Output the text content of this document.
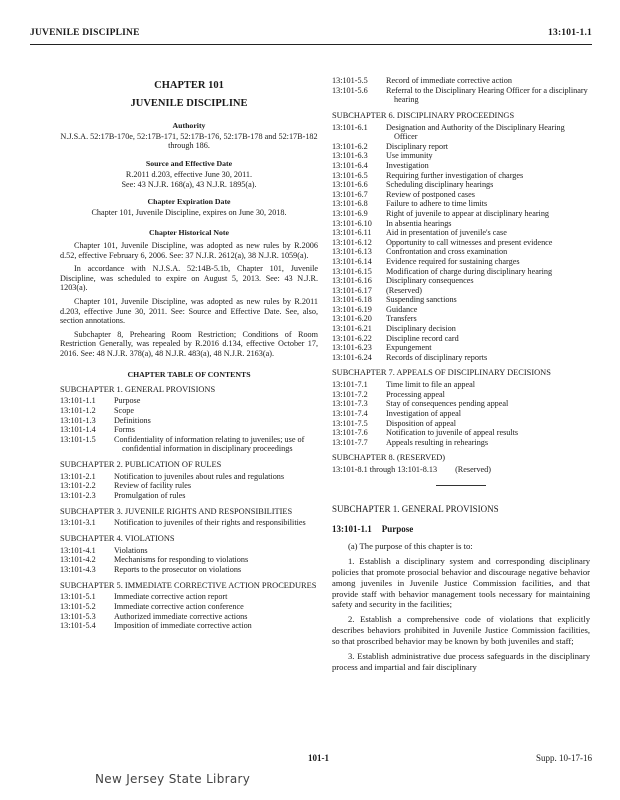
JUVENILE DISCIPLINE	13:101-1.1
CHAPTER 101
JUVENILE DISCIPLINE
Authority
N.J.S.A. 52:17B-170e, 52:17B-171, 52:17B-176, 52:17B-178 and 52:17B-182 through 186.
Source and Effective Date
R.2011 d.203, effective June 30, 2011.
See: 43 N.J.R. 168(a), 43 N.J.R. 1895(a).
Chapter Expiration Date
Chapter 101, Juvenile Discipline, expires on June 30, 2018.
Chapter Historical Note
Chapter 101, Juvenile Discipline, was adopted as new rules by R.2006 d.52, effective February 6, 2006. See: 37 N.J.R. 2612(a), 38 N.J.R. 1059(a).
In accordance with N.J.S.A. 52:14B-5.1b, Chapter 101, Juvenile Discipline, was scheduled to expire on August 5, 2013. See: 43 N.J.R. 1203(a).
Chapter 101, Juvenile Discipline, was adopted as new rules by R.2011 d.203, effective June 30, 2011. See: Source and Effective Date. See, also, section annotations.
Subchapter 8, Prehearing Room Restriction; Conditions of Room Restriction Generally, was repealed by R.2016 d.134, effective October 17, 2016. See: 48 N.J.R. 378(a), 48 N.J.R. 483(a), 48 N.J.R. 2163(a).
CHAPTER TABLE OF CONTENTS
SUBCHAPTER 1. GENERAL PROVISIONS
13:101-1.1	Purpose
13:101-1.2	Scope
13:101-1.3	Definitions
13:101-1.4	Forms
13:101-1.5	Confidentiality of information relating to juveniles; use of confidential information in disciplinary proceedings
SUBCHAPTER 2. PUBLICATION OF RULES
13:101-2.1	Notification to juveniles about rules and regulations
13:101-2.2	Review of facility rules
13:101-2.3	Promulgation of rules
SUBCHAPTER 3. JUVENILE RIGHTS AND RESPONSIBILITIES
13:101-3.1	Notification to juveniles of their rights and responsibilities
SUBCHAPTER 4. VIOLATIONS
13:101-4.1	Violations
13:101-4.2	Mechanisms for responding to violations
13:101-4.3	Reports to the prosecutor on violations
SUBCHAPTER 5. IMMEDIATE CORRECTIVE ACTION PROCEDURES
13:101-5.1	Immediate corrective action report
13:101-5.2	Immediate corrective action conference
13:101-5.3	Authorized immediate corrective actions
13:101-5.4	Imposition of immediate corrective action
13:101-5.5	Record of immediate corrective action
13:101-5.6	Referral to the Disciplinary Hearing Officer for a disciplinary hearing
SUBCHAPTER 6. DISCIPLINARY PROCEEDINGS
13:101-6.1	Designation and Authority of the Disciplinary Hearing Officer
13:101-6.2	Disciplinary report
13:101-6.3	Use immunity
13:101-6.4	Investigation
13:101-6.5	Requiring further investigation of charges
13:101-6.6	Scheduling disciplinary hearings
13:101-6.7	Review of postponed cases
13:101-6.8	Failure to adhere to time limits
13:101-6.9	Right of juvenile to appear at disciplinary hearing
13:101-6.10	In absentia hearings
13:101-6.11	Aid in presentation of juvenile's case
13:101-6.12	Opportunity to call witnesses and present evidence
13:101-6.13	Confrontation and cross examination
13:101-6.14	Evidence required for sustaining charges
13:101-6.15	Modification of charge during disciplinary hearing
13:101-6.16	Disciplinary consequences
13:101-6.17	(Reserved)
13:101-6.18	Suspending sanctions
13:101-6.19	Guidance
13:101-6.20	Transfers
13:101-6.21	Disciplinary decision
13:101-6.22	Discipline record card
13:101-6.23	Expungement
13:101-6.24	Records of disciplinary reports
SUBCHAPTER 7. APPEALS OF DISCIPLINARY DECISIONS
13:101-7.1	Time limit to file an appeal
13:101-7.2	Processing appeal
13:101-7.3	Stay of consequences pending appeal
13:101-7.4	Investigation of appeal
13:101-7.5	Disposition of appeal
13:101-7.6	Notification to juvenile of appeal results
13:101-7.7	Appeals resulting in rehearings
SUBCHAPTER 8. (RESERVED)
13:101-8.1 through 13:101-8.13 (Reserved)
SUBCHAPTER 1. GENERAL PROVISIONS
13:101-1.1 Purpose
(a) The purpose of this chapter is to:
1. Establish a disciplinary system and corresponding disciplinary policies that promote prosocial behavior and discourage negative behavior among juveniles in Juvenile Justice Commission facilities, and that provide staff with behavior management tools necessary for maintaining safety and security in the facilities;
2. Establish a comprehensive code of violations that explicitly describes behaviors prohibited in Juvenile Justice Commission facilities, so that proscribed behavior may be known by both juveniles and staff;
3. Establish administrative due process safeguards in the disciplinary process and impartial and fair disciplinary
101-1	Supp. 10-17-16
New Jersey State Library
